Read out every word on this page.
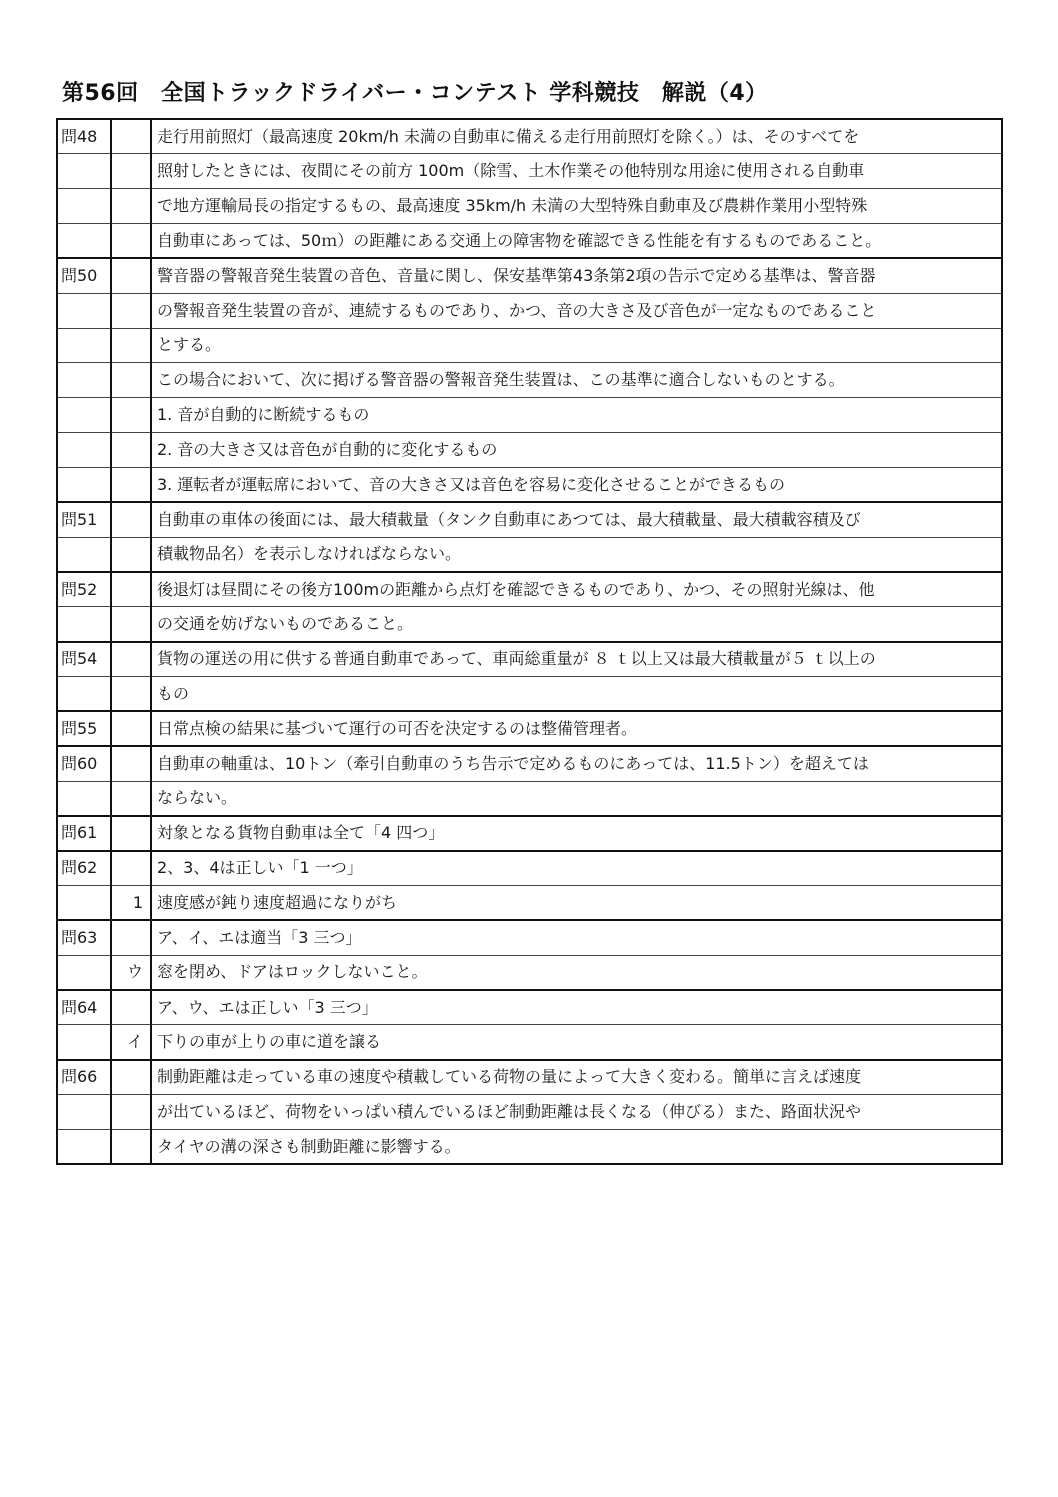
第56回　全国トラックドライバー・コンテスト 学科競技　解説（4）
問48		走行用前照灯（最高速度 20km/h 未満の自動車に備える走行用前照灯を除く。）は、そのすべてを
		照射したときには、夜間にその前方 100m（除雪、土木作業その他特別な用途に使用される自動車
		で地方運輸局長の指定するもの、最高速度 35km/h 未満の大型特殊自動車及び農耕作業用小型特殊
		自動車にあっては、50ｍ）の距離にある交通上の障害物を確認できる性能を有するものであること。
問50		警音器の警報音発生装置の音色、音量に関し、保安基準第43条第2項の告示で定める基準は、警音器
		の警報音発生装置の音が、連続するものであり、かつ、音の大きさ及び音色が一定なものであること
		とする。
		この場合において、次に掲げる警音器の警報音発生装置は、この基準に適合しないものとする。
		1. 音が自動的に断続するもの
		2. 音の大きさ又は音色が自動的に変化するもの
		3. 運転者が運転席において、音の大きさ又は音色を容易に変化させることができるもの
問51		自動車の車体の後面には、最大積載量（タンク自動車にあつては、最大積載量、最大積載容積及び
		積載物品名）を表示しなければならない。
問52		後退灯は昼間にその後方100mの距離から点灯を確認できるものであり、かつ、その照射光線は、他
		の交通を妨げないものであること。
問54		貨物の運送の用に供する普通自動車であって、車両総重量が ８ ｔ以上又は最大積載量が５ ｔ以上の
		もの
問55		日常点検の結果に基づいて運行の可否を決定するのは整備管理者。
問60		自動車の軸重は、10トン（牽引自動車のうち告示で定めるものにあっては、11.5トン）を超えては
		ならない。
問61		対象となる貨物自動車は全て「4 四つ」
問62		2、3、4は正しい「1 一つ」
	1	速度感が鈍り速度超過になりがち
問63		ア、イ、エは適当「3 三つ」
	ウ	窓を閉め、ドアはロックしないこと。
問64		ア、ウ、エは正しい「3 三つ」
	イ	下りの車が上りの車に道を譲る
問66		制動距離は走っている車の速度や積載している荷物の量によって大きく変わる。簡単に言えば速度
		が出ているほど、荷物をいっぱい積んでいるほど制動距離は長くなる（伸びる）また、路面状況や
		タイヤの溝の深さも制動距離に影響する。
